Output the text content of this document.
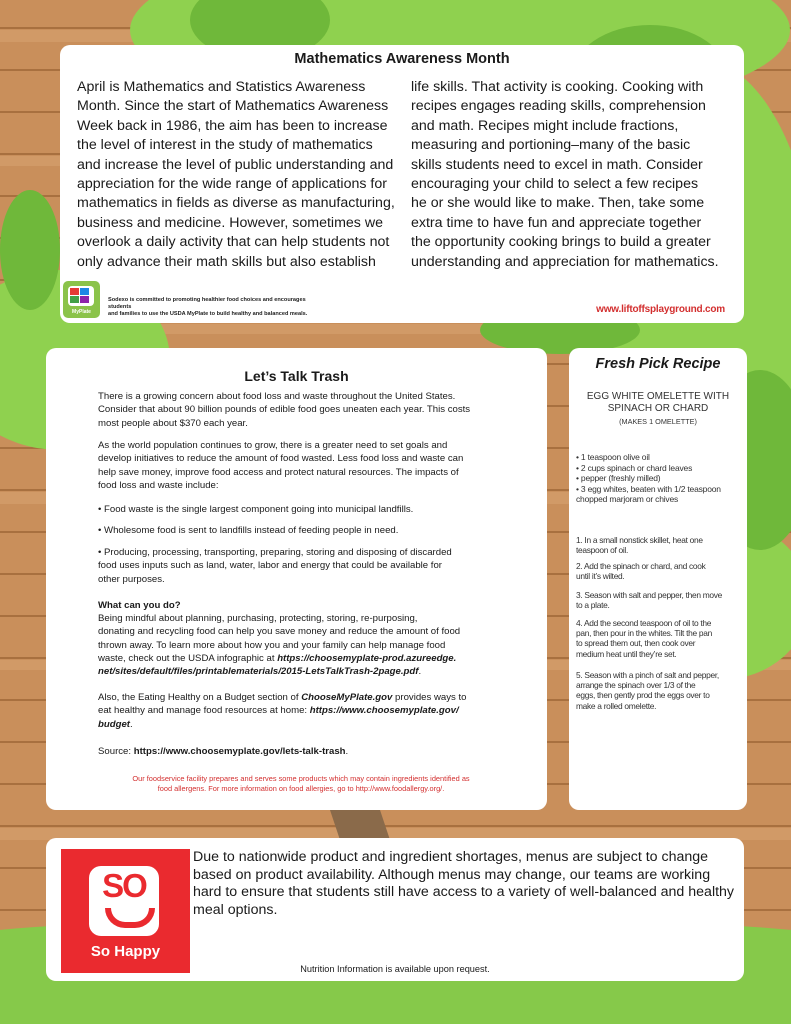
Mathematics Awareness Month
April is Mathematics and Statistics Awareness
Month. Since the start of Mathematics Awareness
Week back in 1986, the aim has been to increase
the level of interest in the study of mathematics
and increase the level of public understanding and
appreciation for the wide range of applications for
mathematics in fields as diverse as manufacturing,
business and medicine. However, sometimes we
overlook a daily activity that can help students not
only advance their math skills but also establish
life skills. That activity is cooking. Cooking with
recipes engages reading skills, comprehension
and math. Recipes might include fractions,
measuring and portioning–many of the basic
skills students need to excel in math. Consider
encouraging your child to select a few recipes
he or she would like to make. Then, take some
extra time to have fun and appreciate together
the opportunity cooking brings to build a greater
understanding and appreciation for mathematics.
MyPlate
Sodexo is committed to promoting healthier food choices and encourages students
and families to use the USDA MyPlate to build healthy and balanced meals.	www.liftoffsplayground.com
Let’s Talk Trash
There is a growing concern about food loss and waste throughout the United States.
Consider that about 90 billion pounds of edible food goes uneaten each year. This costs
most people about $370 each year.
As the world population continues to grow, there is a greater need to set goals and
develop initiatives to reduce the amount of food wasted. Less food loss and waste can
help save money, improve food access and protect natural resources. The impacts of
food loss and waste include:
• Food waste is the single largest component going into municipal landfills.
• Wholesome food is sent to landfills instead of feeding people in need.
• Producing, processing, transporting, preparing, storing and disposing of discarded
food uses inputs such as land, water, labor and energy that could be available for
other purposes.
What can you do?
Being mindful about planning, purchasing, protecting, storing, re-purposing,
donating and recycling food can help you save money and reduce the amount of food
thrown away. To learn more about how you and your family can help manage food
waste, check out the USDA infographic at https://choosemyplate-prod.azureedge.
net/sites/default/files/printablematerials/2015-LetsTalkTrash-2page.pdf.
Also, the Eating Healthy on a Budget section of ChooseMyPlate.gov provides ways to
eat healthy and manage food resources at home: https://www.choosemyplate.gov/
budget.
Source: https://www.choosemyplate.gov/lets-talk-trash.
Our foodservice facility prepares and serves some products which may contain ingredients identified as
food allergens. For more information on food allergies, go to http://www.foodallergy.org/.
Fresh Pick Recipe
EGG WHITE OMELETTE WITH
SPINACH OR CHARD
(MAKES 1 OMELETTE)
• 1 teaspoon olive oil
• 2 cups spinach or chard leaves
• pepper (freshly milled)
• 3 egg whites, beaten with 1/2 teaspoon
chopped marjoram or chives
1. In a small nonstick skillet, heat one
teaspoon of oil.
2. Add the spinach or chard, and cook
until it’s wilted.
3. Season with salt and pepper, then move
to a plate.
4. Add the second teaspoon of oil to the
pan, then pour in the whites. Tilt the pan
to spread them out, then cook over
medium heat until they’re set.
5. Season with a pinch of salt and pepper,
arrange the spinach over 1/3 of the
eggs, then gently prod the eggs over to
make a rolled omelette.
SO
So Happy
Due to nationwide product and ingredient shortages, menus are subject to change based on product availability. Although menus may change, our teams are working hard to ensure that students still have access to a variety of well-balanced and healthy meal options.
Nutrition Information is available upon request.
